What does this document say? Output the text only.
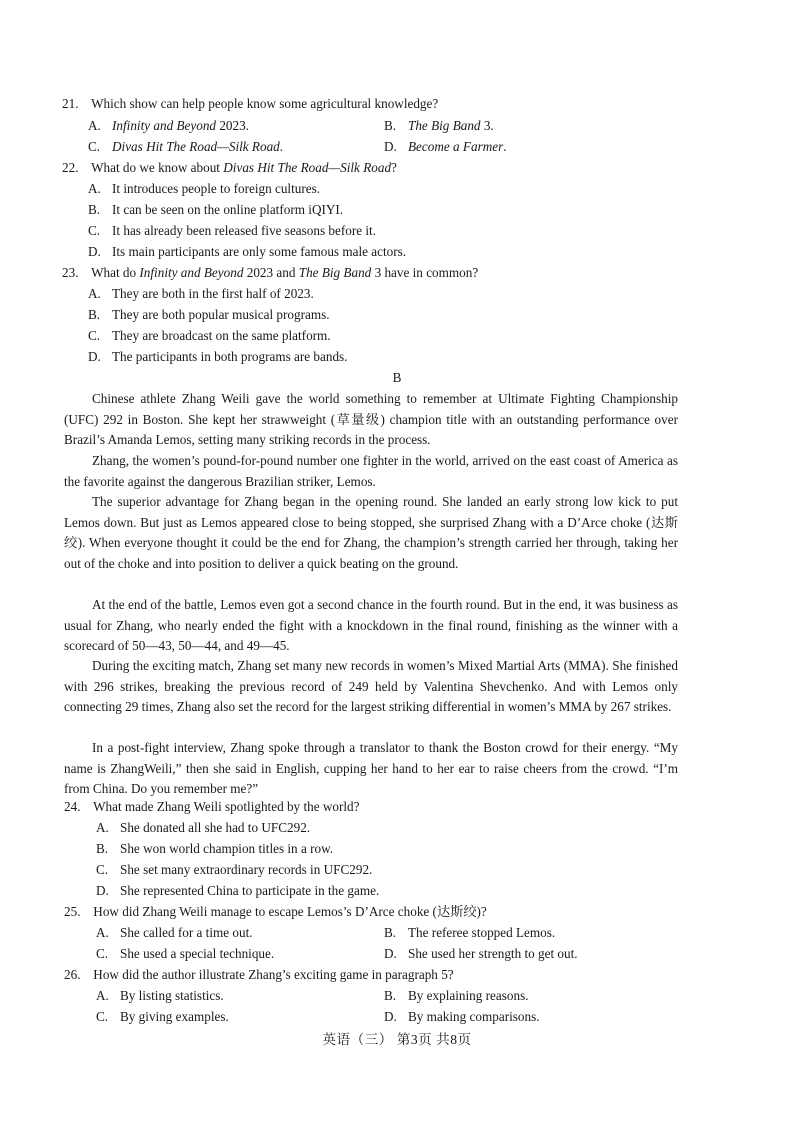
21. Which show can help people know some agricultural knowledge?
A. Infinity and Beyond 2023.	B. The Big Band 3.
C. Divas Hit The Road—Silk Road.	D. Become a Farmer.
22. What do we know about Divas Hit The Road—Silk Road?
A. It introduces people to foreign cultures.
B. It can be seen on the online platform iQIYI.
C. It has already been released five seasons before it.
D. Its main participants are only some famous male actors.
23. What do Infinity and Beyond 2023 and The Big Band 3 have in common?
A. They are both in the first half of 2023.
B. They are both popular musical programs.
C. They are broadcast on the same platform.
D. The participants in both programs are bands.
B
Chinese athlete Zhang Weili gave the world something to remember at Ultimate Fighting Championship (UFC) 292 in Boston. She kept her strawweight (草量级) champion title with an outstanding performance over Brazil’s Amanda Lemos, setting many striking records in the process.
Zhang, the women’s pound-for-pound number one fighter in the world, arrived on the east coast of America as the favorite against the dangerous Brazilian striker, Lemos.
The superior advantage for Zhang began in the opening round. She landed an early strong low kick to put Lemos down. But just as Lemos appeared close to being stopped, she surprised Zhang with a D’Arce choke (达斯绞). When everyone thought it could be the end for Zhang, the champion’s strength carried her through, taking her out of the choke and into position to deliver a quick beating on the ground.
At the end of the battle, Lemos even got a second chance in the fourth round. But in the end, it was business as usual for Zhang, who nearly ended the fight with a knockdown in the final round, finishing as the winner with a scorecard of 50—43, 50—44, and 49—45.
During the exciting match, Zhang set many new records in women’s Mixed Martial Arts (MMA). She finished with 296 strikes, breaking the previous record of 249 held by Valentina Shevchenko. And with Lemos only connecting 29 times, Zhang also set the record for the largest striking differential in women’s MMA by 267 strikes.
In a post-fight interview, Zhang spoke through a translator to thank the Boston crowd for their energy. “My name is ZhangWeili,” then she said in English, cupping her hand to her ear to raise cheers from the crowd. “I’m from China. Do you remember me?”
24. What made Zhang Weili spotlighted by the world?
A. She donated all she had to UFC292.
B. She won world champion titles in a row.
C. She set many extraordinary records in UFC292.
D. She represented China to participate in the game.
25. How did Zhang Weili manage to escape Lemos’s D’Arce choke (达斯绞)?
A. She called for a time out.	B. The referee stopped Lemos.
C. She used a special technique.	D. She used her strength to get out.
26. How did the author illustrate Zhang’s exciting game in paragraph 5?
A. By listing statistics.	B. By explaining reasons.
C. By giving examples.	D. By making comparisons.
英语（三） 第3页 共8页
